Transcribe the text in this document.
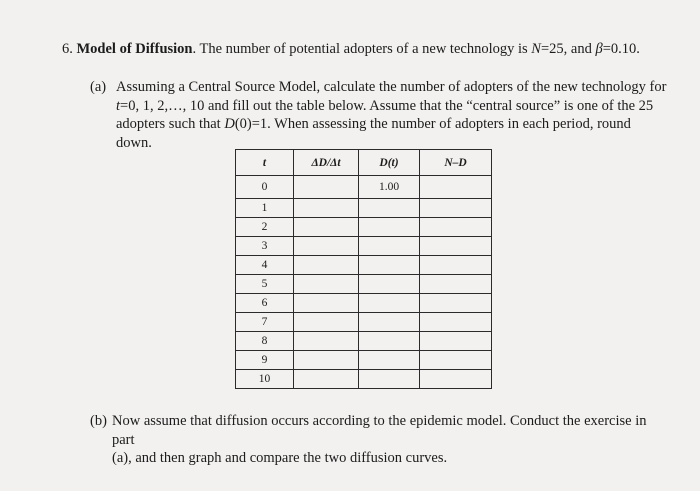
6. Model of Diffusion. The number of potential adopters of a new technology is N=25, and β=0.10.
(a) Assuming a Central Source Model, calculate the number of adopters of the new technology for
t=0, 1, 2,…, 10 and fill out the table below. Assume that the “central source” is one of the 25
adopters such that D(0)=1. When assessing the number of adopters in each period, round down.
t	ΔD/Δt	D(t)	N–D
0		1.00	
1			
2			
3			
4			
5			
6			
7			
8			
9			
10			
(b) Now assume that diffusion occurs according to the epidemic model. Conduct the exercise in part
(a), and then graph and compare the two diffusion curves.
